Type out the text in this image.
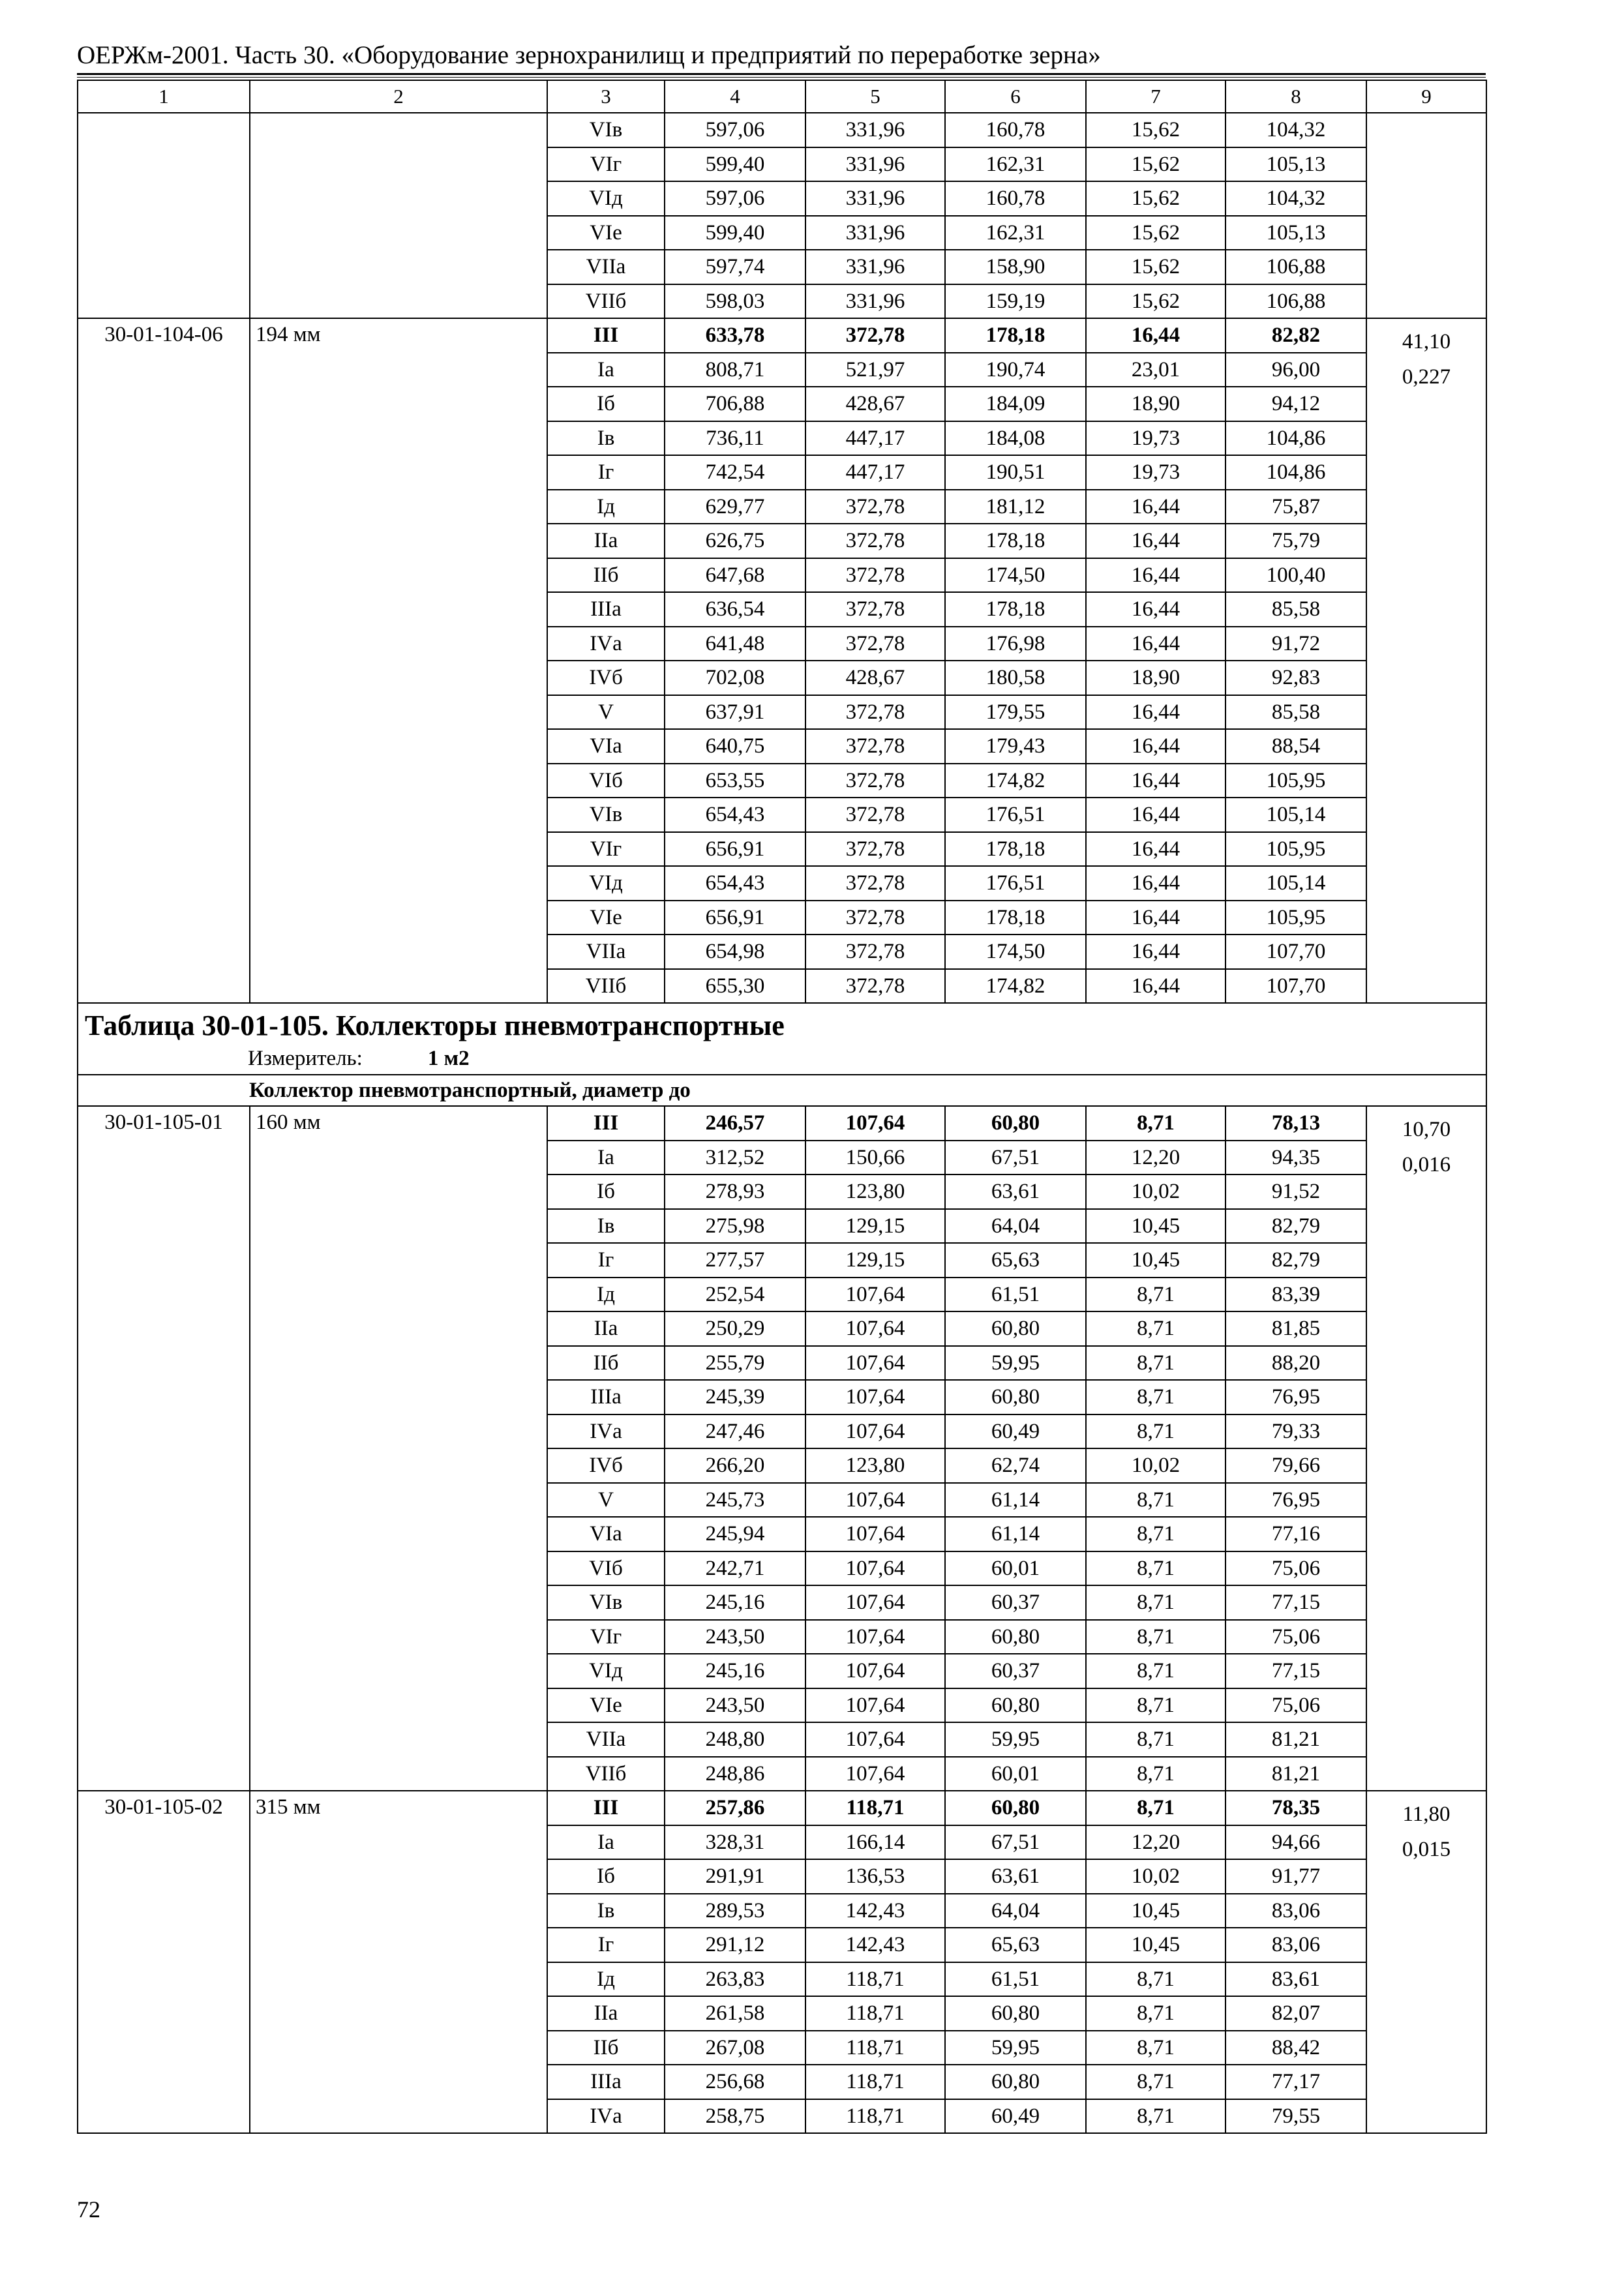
ОЕРЖм-2001. Часть 30. «Оборудование зернохранилищ и предприятий по переработке зерна»
1	2	3	4	5	6	7	8	9
		VIв	597,06	331,96	160,78	15,62	104,32	
		VIг	599,40	331,96	162,31	15,62	105,13	
		VIд	597,06	331,96	160,78	15,62	104,32	
		VIе	599,40	331,96	162,31	15,62	105,13	
		VIIа	597,74	331,96	158,90	15,62	106,88	
		VIIб	598,03	331,96	159,19	15,62	106,88	
30-01-104-06	194 мм	III	633,78	372,78	178,18	16,44	82,82	41,10
0,227

		Iа	808,71	521,97	190,74	23,01	96,00	
		Iб	706,88	428,67	184,09	18,90	94,12	
		Iв	736,11	447,17	184,08	19,73	104,86	
		Iг	742,54	447,17	190,51	19,73	104,86	
		Iд	629,77	372,78	181,12	16,44	75,87	
		IIа	626,75	372,78	178,18	16,44	75,79	
		IIб	647,68	372,78	174,50	16,44	100,40	
		IIIа	636,54	372,78	178,18	16,44	85,58	
		IVа	641,48	372,78	176,98	16,44	91,72	
		IVб	702,08	428,67	180,58	18,90	92,83	
		V	637,91	372,78	179,55	16,44	85,58	
		VIа	640,75	372,78	179,43	16,44	88,54	
		VIб	653,55	372,78	174,82	16,44	105,95	
		VIв	654,43	372,78	176,51	16,44	105,14	
		VIг	656,91	372,78	178,18	16,44	105,95	
		VIд	654,43	372,78	176,51	16,44	105,14	
		VIе	656,91	372,78	178,18	16,44	105,95	
		VIIа	654,98	372,78	174,50	16,44	107,70	
		VIIб	655,30	372,78	174,82	16,44	107,70	

Таблица 30-01-105. Коллекторы пневмотранспортные
Измеритель: 1 м2								

Коллектор пневмотранспортный, диаметр до								
30-01-105-01	160 мм	III	246,57	107,64	60,80	8,71	78,13	10,70
0,016

		Iа	312,52	150,66	67,51	12,20	94,35	
		Iб	278,93	123,80	63,61	10,02	91,52	
		Iв	275,98	129,15	64,04	10,45	82,79	
		Iг	277,57	129,15	65,63	10,45	82,79	
		Iд	252,54	107,64	61,51	8,71	83,39	
		IIа	250,29	107,64	60,80	8,71	81,85	
		IIб	255,79	107,64	59,95	8,71	88,20	
		IIIа	245,39	107,64	60,80	8,71	76,95	
		IVа	247,46	107,64	60,49	8,71	79,33	
		IVб	266,20	123,80	62,74	10,02	79,66	
		V	245,73	107,64	61,14	8,71	76,95	
		VIа	245,94	107,64	61,14	8,71	77,16	
		VIб	242,71	107,64	60,01	8,71	75,06	
		VIв	245,16	107,64	60,37	8,71	77,15	
		VIг	243,50	107,64	60,80	8,71	75,06	
		VIд	245,16	107,64	60,37	8,71	77,15	
		VIе	243,50	107,64	60,80	8,71	75,06	
		VIIа	248,80	107,64	59,95	8,71	81,21	
		VIIб	248,86	107,64	60,01	8,71	81,21	
30-01-105-02	315 мм	III	257,86	118,71	60,80	8,71	78,35	11,80
0,015

		Iа	328,31	166,14	67,51	12,20	94,66	
		Iб	291,91	136,53	63,61	10,02	91,77	
		Iв	289,53	142,43	64,04	10,45	83,06	
		Iг	291,12	142,43	65,63	10,45	83,06	
		Iд	263,83	118,71	61,51	8,71	83,61	
		IIа	261,58	118,71	60,80	8,71	82,07	
		IIб	267,08	118,71	59,95	8,71	88,42	
		IIIа	256,68	118,71	60,80	8,71	77,17	
		IVа	258,75	118,71	60,49	8,71	79,55	
72
